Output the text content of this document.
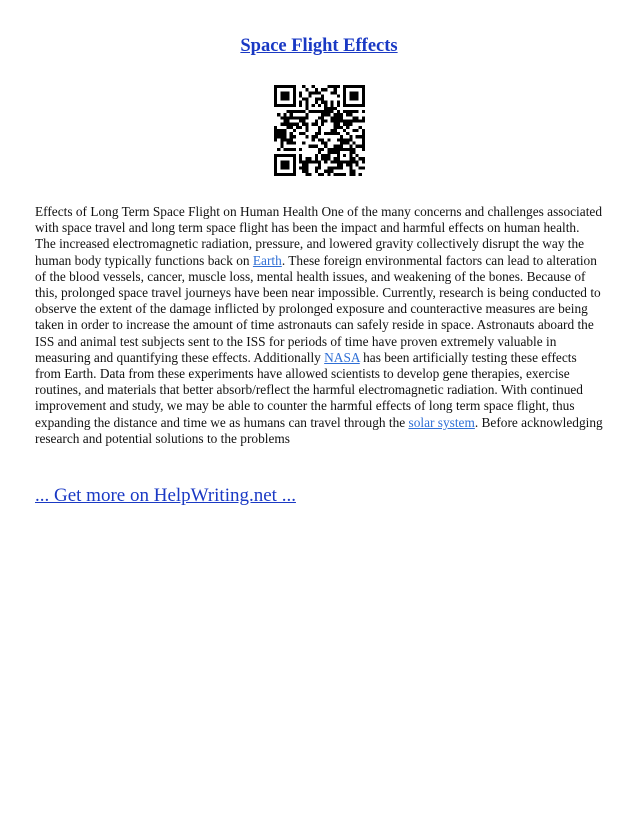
Space Flight Effects

Effects of Long Term Space Flight on Human Health One of the many concerns and challenges associated with space travel and long term space flight has been the impact and harmful effects on human health. The increased electromagnetic radiation, pressure, and lowered gravity collectively disrupt the way the human body typically functions back on Earth. These foreign environmental factors can lead to alteration of the blood vessels, cancer, muscle loss, mental health issues, and weakening of the bones. Because of this, prolonged space travel journeys have been near impossible. Currently, research is being conducted to observe the extent of the damage inflicted by prolonged exposure and counteractive measures are being taken in order to increase the amount of time astronauts can safely reside in space. Astronauts aboard the ISS and animal test subjects sent to the ISS for periods of time have proven extremely valuable in measuring and quantifying these effects. Additionally NASA has been artificially testing these effects from Earth. Data from these experiments have allowed scientists to develop gene therapies, exercise routines, and materials that better absorb/reflect the harmful electromagnetic radiation. With continued improvement and study, we may be able to counter the harmful effects of long term space flight, thus expanding the distance and time we as humans can travel through the solar system. Before acknowledging research and potential solutions to the problems

... Get more on HelpWriting.net ...
